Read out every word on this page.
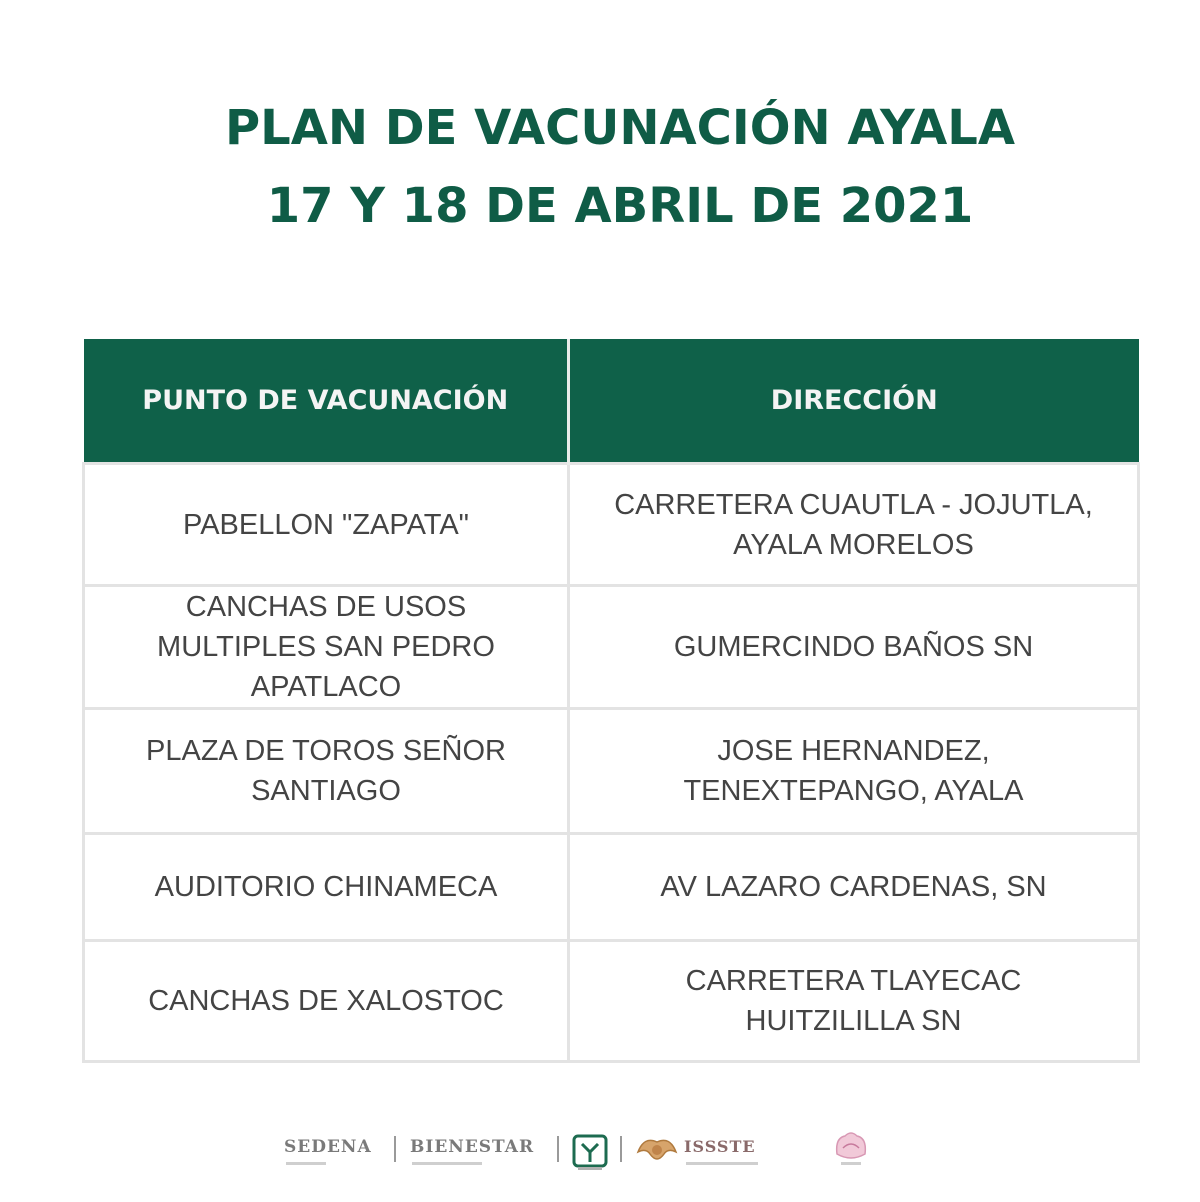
PLAN DE VACUNACIÓN AYALA
17 Y 18 DE ABRIL DE 2021
PUNTO DE VACUNACIÓN	DIRECCIÓN

PABELLON "ZAPATA"	CARRETERA CUAUTLA - JOJUTLA,
AYALA MORELOS

CANCHAS DE USOS
MULTIPLES SAN PEDRO
APATLACO	GUMERCINDO BAÑOS SN

PLAZA DE TOROS SEÑOR
SANTIAGO	JOSE HERNANDEZ,
TENEXTEPANGO, AYALA

AUDITORIO CHINAMECA	AV LAZARO CARDENAS, SN

CANCHAS DE XALOSTOC	CARRETERA TLAYECAC
HUITZILILLA SN
SEDENA BIENESTAR	ISSSTE
